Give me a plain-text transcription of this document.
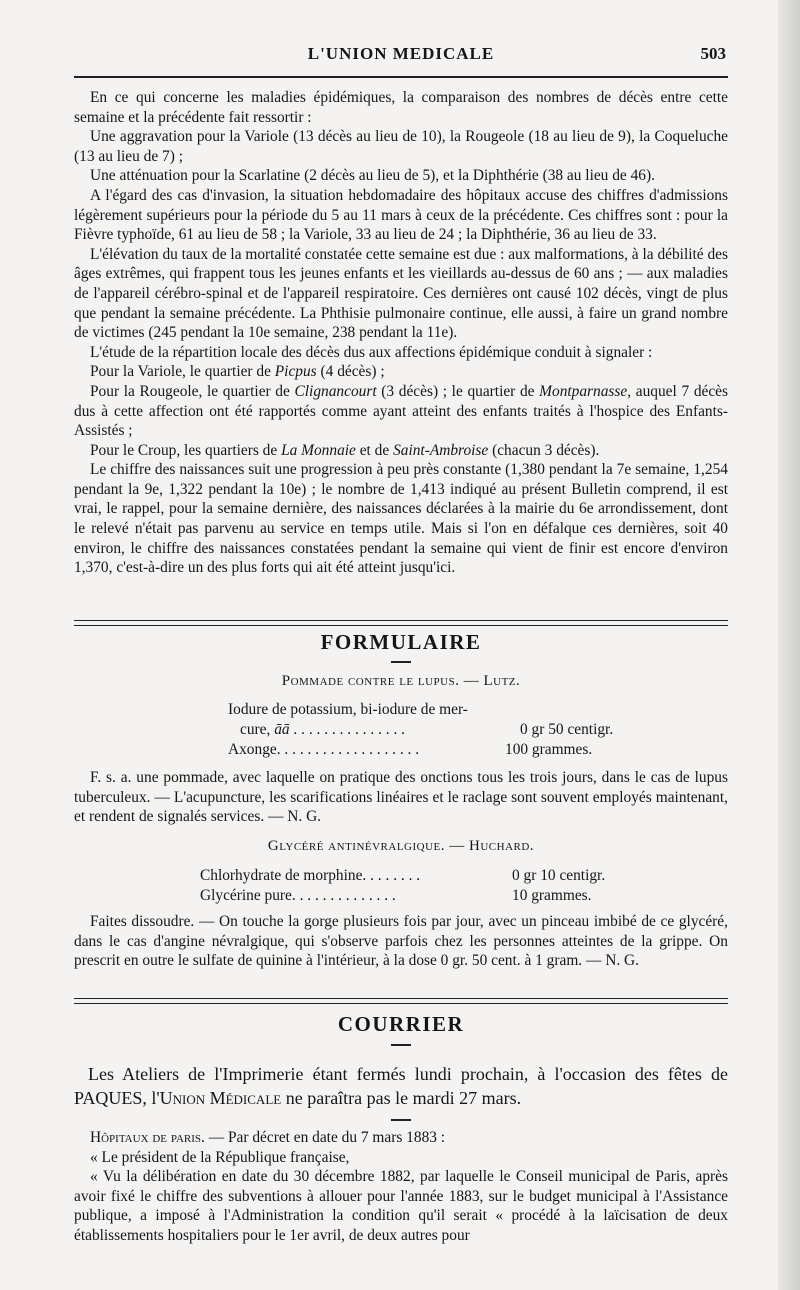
L'UNION MEDICALE	503

En ce qui concerne les maladies épidémiques, la comparaison des nombres de décès entre cette semaine et la précédente fait ressortir :

Une aggravation pour la Variole (13 décès au lieu de 10), la Rougeole (18 au lieu de 9), la Coqueluche (13 au lieu de 7) ;

Une atténuation pour la Scarlatine (2 décès au lieu de 5), et la Diphthérie (38 au lieu de 46).

A l'égard des cas d'invasion, la situation hebdomadaire des hôpitaux accuse des chiffres d'admissions légèrement supérieurs pour la période du 5 au 11 mars à ceux de la précédente. Ces chiffres sont : pour la Fièvre typhoïde, 61 au lieu de 58 ; la Variole, 33 au lieu de 24 ; la Diphthérie, 36 au lieu de 33.

L'élévation du taux de la mortalité constatée cette semaine est due : aux malformations, à la débilité des âges extrêmes, qui frappent tous les jeunes enfants et les vieillards au-dessus de 60 ans ; — aux maladies de l'appareil cérébro-spinal et de l'appareil respiratoire. Ces dernières ont causé 102 décès, vingt de plus que pendant la semaine précédente. La Phthisie pulmonaire continue, elle aussi, à faire un grand nombre de victimes (245 pendant la 10e semaine, 238 pendant la 11e).

L'étude de la répartition locale des décès dus aux affections épidémique conduit à signaler :

Pour la Variole, le quartier de Picpus (4 décès) ;

Pour la Rougeole, le quartier de Clignancourt (3 décès) ; le quartier de Montparnasse, auquel 7 décès dus à cette affection ont été rapportés comme ayant atteint des enfants traités à l'hospice des Enfants-Assistés ;

Pour le Croup, les quartiers de La Monnaie et de Saint-Ambroise (chacun 3 décès).

Le chiffre des naissances suit une progression à peu près constante (1,380 pendant la 7e semaine, 1,254 pendant la 9e, 1,322 pendant la 10e) ; le nombre de 1,413 indiqué au présent Bulletin comprend, il est vrai, le rappel, pour la semaine dernière, des naissances déclarées à la mairie du 6e arrondissement, dont le relevé n'était pas parvenu au service en temps utile. Mais si l'on en défalque ces dernières, soit 40 environ, le chiffre des naissances constatées pendant la semaine qui vient de finir est encore d'environ 1,370, c'est-à-dire un des plus forts qui ait été atteint jusqu'ici.

FORMULAIRE
Pommade contre le lupus. — Lutz.
Iodure de potassium, bi-iodure de mer-
cure, āā . . . . . . . . . . . . . . .	0 gr 50 centigr.
Axonge. . . . . . . . . . . . . . . . . . .	100 grammes.

F. s. a. une pommade, avec laquelle on pratique des onctions tous les trois jours, dans le cas de lupus tuberculeux. — L'acupuncture, les scarifications linéaires et le raclage sont souvent employés maintenant, et rendent de signalés services. — N. G.

Glycéré antinévralgique. — Huchard.
Chlorhydrate de morphine. . . . . . . .	0 gr 10 centigr.
Glycérine pure. . . . . . . . . . . . . .	10 grammes.

Faites dissoudre. — On touche la gorge plusieurs fois par jour, avec un pinceau imbibé de ce glycéré, dans le cas d'angine névralgique, qui s'observe parfois chez les personnes atteintes de la grippe. On prescrit en outre le sulfate de quinine à l'intérieur, à la dose 0 gr. 50 cent. à 1 gram. — N. G.

COURRIER

Les Ateliers de l'Imprimerie étant fermés lundi prochain, à l'occasion des fêtes de PAQUES, l'Union Médicale ne paraîtra pas le mardi 27 mars.

Hôpitaux de paris. — Par décret en date du 7 mars 1883 :

« Le président de la République française,

« Vu la délibération en date du 30 décembre 1882, par laquelle le Conseil municipal de Paris, après avoir fixé le chiffre des subventions à allouer pour l'année 1883, sur le budget municipal à l'Assistance publique, a imposé à l'Administration la condition qu'il serait « procédé à la laïcisation de deux établissements hospitaliers pour le 1er avril, de deux autres pour
